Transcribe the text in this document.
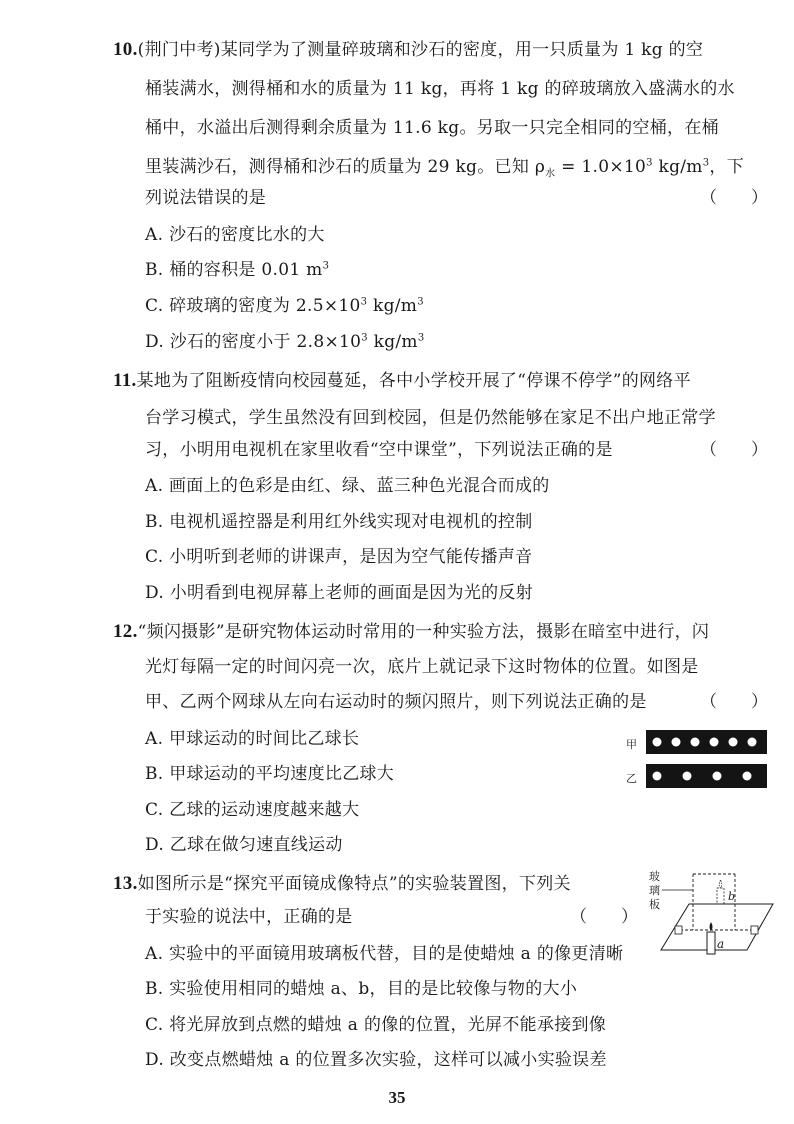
10.(荆门中考)某同学为了测量碎玻璃和沙石的密度，用一只质量为 1 kg 的空
桶装满水，测得桶和水的质量为 11 kg，再将 1 kg 的碎玻璃放入盛满水的水
桶中，水溢出后测得剩余质量为 11.6 kg。另取一只完全相同的空桶，在桶
里装满沙石，测得桶和沙石的质量为 29 kg。已知 $\rho_水 = 1.0\times 10^3$ $kg/m^3$，下
列说法错误的是	（　　）
A. 沙石的密度比水的大
B. 桶的容积是 0.01 $m^3$
C. 碎玻璃的密度为 $2.5\times 10^3$ $kg/m^3$
D. 沙石的密度小于 $2.8\times 10^3$ $kg/m^3$
11.某地为了阻断疫情向校园蔓延，各中小学校开展了“停课不停学”的网络平
台学习模式，学生虽然没有回到校园，但是仍然能够在家足不出户地正常学
习，小明用电视机在家里收看“空中课堂”，下列说法正确的是	（　　）
A. 画面上的色彩是由红、绿、蓝三种色光混合而成的
B. 电视机遥控器是利用红外线实现对电视机的控制
C. 小明听到老师的讲课声，是因为空气能传播声音
D. 小明看到电视屏幕上老师的画面是因为光的反射
12.“频闪摄影”是研究物体运动时常用的一种实验方法，摄影在暗室中进行，闪
光灯每隔一定的时间闪亮一次，底片上就记录下这时物体的位置。如图是
甲、乙两个网球从左向右运动时的频闪照片，则下列说法正确的是	（　　）
A. 甲球运动的时间比乙球长
B. 甲球运动的平均速度比乙球大
C. 乙球的运动速度越来越大
D. 乙球在做匀速直线运动
甲
乙
13.如图所示是“探究平面镜成像特点”的实验装置图，下列关
于实验的说法中，正确的是	（　　）
A. 实验中的平面镜用玻璃板代替，目的是使蜡烛 a 的像更清晰
B. 实验使用相同的蜡烛 a、b，目的是比较像与物的大小
C. 将光屏放到点燃的蜡烛 a 的像的位置，光屏不能承接到像
D. 改变点燃蜡烛 a 的位置多次实验，这样可以减小实验误差
玻
璃
板
b
a
35
